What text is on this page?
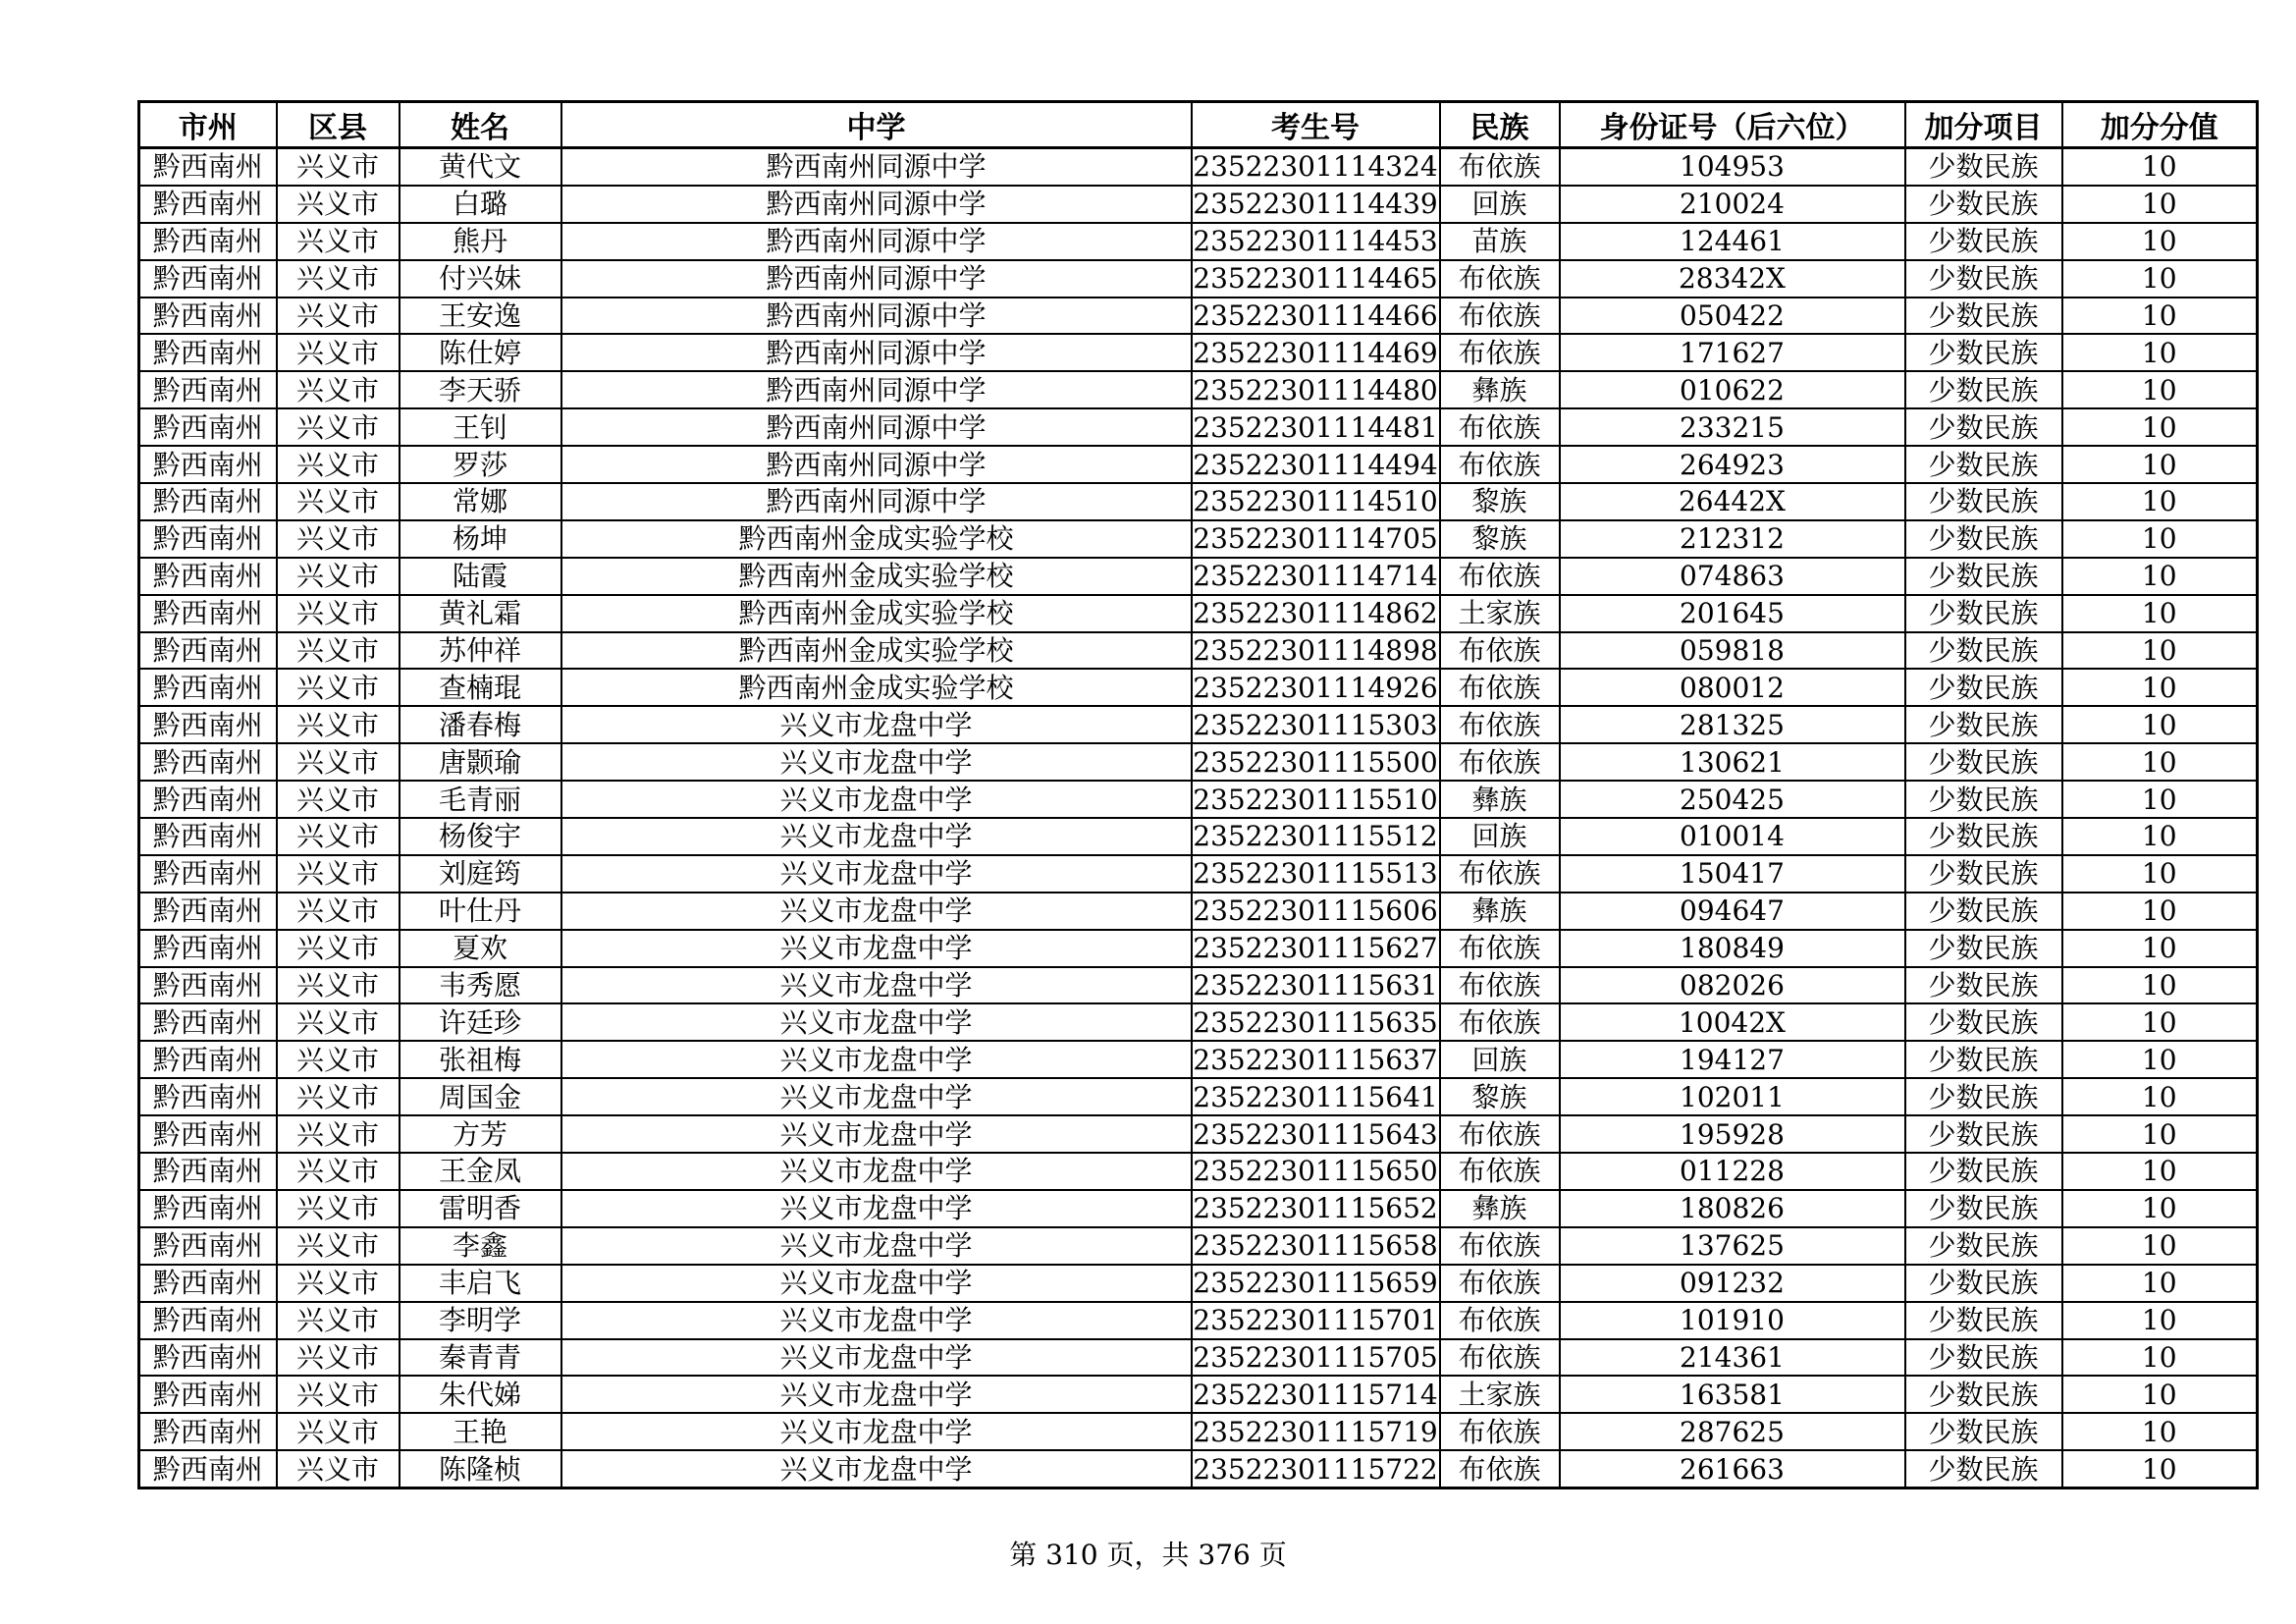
市州	区县	姓名	中学	考生号	民族	身份证号（后六位）	加分项目	加分分值
黔西南州	兴义市	黄代文	黔西南州同源中学	23522301114324	布依族	104953	少数民族	10
黔西南州	兴义市	白璐	黔西南州同源中学	23522301114439	回族	210024	少数民族	10
黔西南州	兴义市	熊丹	黔西南州同源中学	23522301114453	苗族	124461	少数民族	10
黔西南州	兴义市	付兴妹	黔西南州同源中学	23522301114465	布依族	28342X	少数民族	10
黔西南州	兴义市	王安逸	黔西南州同源中学	23522301114466	布依族	050422	少数民族	10
黔西南州	兴义市	陈仕婷	黔西南州同源中学	23522301114469	布依族	171627	少数民族	10
黔西南州	兴义市	李天骄	黔西南州同源中学	23522301114480	彝族	010622	少数民族	10
黔西南州	兴义市	王钊	黔西南州同源中学	23522301114481	布依族	233215	少数民族	10
黔西南州	兴义市	罗莎	黔西南州同源中学	23522301114494	布依族	264923	少数民族	10
黔西南州	兴义市	常娜	黔西南州同源中学	23522301114510	黎族	26442X	少数民族	10
黔西南州	兴义市	杨坤	黔西南州金成实验学校	23522301114705	黎族	212312	少数民族	10
黔西南州	兴义市	陆霞	黔西南州金成实验学校	23522301114714	布依族	074863	少数民族	10
黔西南州	兴义市	黄礼霜	黔西南州金成实验学校	23522301114862	土家族	201645	少数民族	10
黔西南州	兴义市	苏仲祥	黔西南州金成实验学校	23522301114898	布依族	059818	少数民族	10
黔西南州	兴义市	查楠琨	黔西南州金成实验学校	23522301114926	布依族	080012	少数民族	10
黔西南州	兴义市	潘春梅	兴义市龙盘中学	23522301115303	布依族	281325	少数民族	10
黔西南州	兴义市	唐颢瑜	兴义市龙盘中学	23522301115500	布依族	130621	少数民族	10
黔西南州	兴义市	毛青丽	兴义市龙盘中学	23522301115510	彝族	250425	少数民族	10
黔西南州	兴义市	杨俊宇	兴义市龙盘中学	23522301115512	回族	010014	少数民族	10
黔西南州	兴义市	刘庭筠	兴义市龙盘中学	23522301115513	布依族	150417	少数民族	10
黔西南州	兴义市	叶仕丹	兴义市龙盘中学	23522301115606	彝族	094647	少数民族	10
黔西南州	兴义市	夏欢	兴义市龙盘中学	23522301115627	布依族	180849	少数民族	10
黔西南州	兴义市	韦秀愿	兴义市龙盘中学	23522301115631	布依族	082026	少数民族	10
黔西南州	兴义市	许廷珍	兴义市龙盘中学	23522301115635	布依族	10042X	少数民族	10
黔西南州	兴义市	张祖梅	兴义市龙盘中学	23522301115637	回族	194127	少数民族	10
黔西南州	兴义市	周国金	兴义市龙盘中学	23522301115641	黎族	102011	少数民族	10
黔西南州	兴义市	方芳	兴义市龙盘中学	23522301115643	布依族	195928	少数民族	10
黔西南州	兴义市	王金凤	兴义市龙盘中学	23522301115650	布依族	011228	少数民族	10
黔西南州	兴义市	雷明香	兴义市龙盘中学	23522301115652	彝族	180826	少数民族	10
黔西南州	兴义市	李鑫	兴义市龙盘中学	23522301115658	布依族	137625	少数民族	10
黔西南州	兴义市	丰启飞	兴义市龙盘中学	23522301115659	布依族	091232	少数民族	10
黔西南州	兴义市	李明学	兴义市龙盘中学	23522301115701	布依族	101910	少数民族	10
黔西南州	兴义市	秦青青	兴义市龙盘中学	23522301115705	布依族	214361	少数民族	10
黔西南州	兴义市	朱代娣	兴义市龙盘中学	23522301115714	土家族	163581	少数民族	10
黔西南州	兴义市	王艳	兴义市龙盘中学	23522301115719	布依族	287625	少数民族	10
黔西南州	兴义市	陈隆桢	兴义市龙盘中学	23522301115722	布依族	261663	少数民族	10
第 310 页，共 376 页
